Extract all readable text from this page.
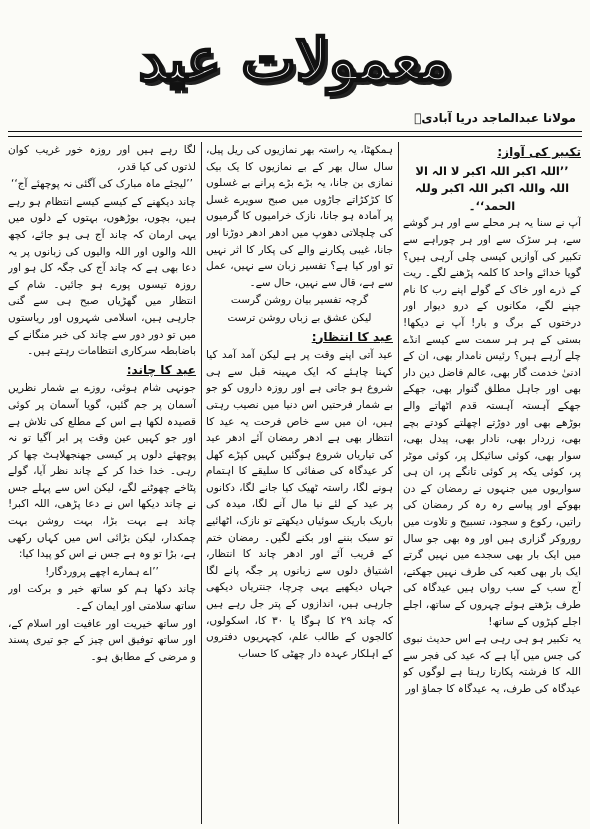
معمولات عید
مولانا عبدالماجد دریا آبادیؒ
تکبیر کی آواز:

’’اللہ اکبر اللہ اکبر لا الہ الا

اللہ واللہ اکبر اللہ اکبر وللہ

الحمد‘‘۔

آپ نے سنا یہ ہر محلے سے اور ہر گوشے سے، ہر سڑک سے اور ہر چوراہے سے تکبیر کی آوازیں کیسی چلی آرہی ہیں؟ گویا خدائے واحد کا کلمہ پڑھنے لگے۔ ریت کے ذرے اور خاک کے گولے اپنے رب کا نام جپنے لگے، مکانوں کے درو دیوار اور درختوں کے برگ و بار! آپ نے دیکھا! بستی کے ہر ہر سمت سے کیسے انڈے چلے آرہے ہیں؟ رئیس نامدار بھی، ان کے ادنیٰ خدمت گار بھی، عالم فاضل دین دار بھی اور جاہل مطلق گنوار بھی، جھکے جھکے آہستہ آہستہ قدم اٹھاتے والے بوڑھے بھی اور دوڑتے اچھلتے کودتے بچے بھی، زردار بھی، نادار بھی، پیدل بھی، سوار بھی، کوئی سائیکل پر، کوئی موٹر پر، کوئی یکہ پر کوئی تانگے پر، ان ہی سواریوں میں جنہوں نے رمضان کے دن بھوکے اور پیاسے رہ رہ کر رمضان کی راتیں، رکوع و سجود، تسبیح و تلاوت میں روروکر گزاری ہیں اور وہ بھی جو سال میں ایک بار بھی سجدے میں نہیں گرتے ایک بار بھی کعبہ کی طرف نہیں جھکتے، آج سب کے سب رواں ہیں عیدگاہ کی طرف بڑھتے ہوئے چہروں کے ساتھ، اجلے اجلے کپڑوں کے ساتھ!

یہ تکبیر ہو ہی رہی ہے اس حدیث نبوی کی جس میں آیا ہے کہ عید کی فجر سے اللہ کا فرشتہ پکارتا رہتا ہے لوگوں کو عیدگاہ کی طرف، یہ عیدگاہ کا جماؤ اور

ہمکھٹا، یہ راستہ بھر نمازیوں کی ریل پیل، سال سال بھر کے بے نمازیوں کا یک بیک نمازی بن جانا، یہ بڑے بڑے پرانے بے غسلوں کا کڑکڑاتے جاڑوں میں صبح سویرے غسل پر آمادہ ہو جانا، نازک خرامیوں کا گرمیوں کی چلچلاتی دھوپ میں ادھر ادھر دوڑنا اور جانا، غیبی پکارنے والے کی پکار کا اثر نہیں تو اور کیا ہے؟ تفسیر زبان سے نہیں، عمل سے ہے، قال سے نہیں، حال سے۔

گرچہ تفسیر بیان روشن گرست

لیکن عشق بے زباں روشن ترست

عید کا انتظار:

عید آتی اپنے وقت پر ہے لیکن آمد آمد کیا کہنا چاہئے کہ ایک مہینہ قبل سے ہی شروع ہو جاتی ہے اور روزہ داروں کو جو بے شمار فرحتیں اس دنیا میں نصیب رہتی ہیں، ان میں سے خاص فرحت یہ عید کا انتظار بھی ہے ادھر رمضان آئے ادھر عید کی تیاریاں شروع ہوگئیں کہیں کپڑے کھل کر عیدگاہ کی صفائی کا سلیقے کا اہتمام ہونے لگا، راستہ ٹھیک کیا جانے لگا، دکانوں پر عید کے لئے نیا مال آنے لگا، میدہ کی باریک باریک سوئیاں دیکھتے تو نازک، اٹھائیے تو سبک بننے اور بکنے لگیں۔ رمضان ختم کے قریب آئے اور ادھر چاند کا انتظار، اشتیاق دلوں سے زبانوں پر جگہ پانے لگا جہاں دیکھیے یہی چرچا، جنتریاں دیکھی جارہی ہیں، اندازوں کے پتر جل رہے ہیں کہ چاند ۲۹ کا ہوگا یا ۳۰ کا، اسکولوں، کالجوں کے طالب علم، کچہریوں دفتروں کے اہلکار عہدہ دار چھٹی کا حساب

لگا رہے ہیں اور روزہ خور غریب کوان لذتوں کی کیا قدر،

’’لیجئے ماہ مبارک کی آگئی نہ پوچھئے آج‘‘

چاند دیکھنے کے کیسے کیسے انتظام ہو رہے ہیں، بچوں، بوڑھوں، بہتوں کے دلوں میں یہی ارمان کہ چاند آج ہی ہو جائے، کچھ اللہ والوں اور اللہ والیوں کی زبانوں پر یہ دعا بھی ہے کہ چاند آج کی جگہ کل ہو اور روزہ تیسوں پورے ہو جائیں۔ شام کے انتظار میں گھڑیاں صبح ہی سے گنی جارہی ہیں، اسلامی شہروں اور ریاستوں میں تو دور دور سے چاند کی خبر منگانے کے باضابطہ سرکاری انتظامات رہتے ہیں۔

عید کا چاند:

جونہی شام ہوئی، روزے بے شمار نظریں آسمان پر جم گئیں، گویا آسمان پر کوئی قصیدہ لکھا ہے اس کے مطلع کی تلاش ہے اور جو کہیں عین وقت پر ابر آگیا تو نہ پوچھئے دلوں پر کیسی جھنجھلاہٹ چھا کر رہی۔ خدا خدا کر کے چاند نظر آیا، گولے پٹاخے چھوٹنے لگے، لیکن اس سے پہلے جس نے چاند دیکھا اس نے دعا پڑھی، اللہ اکبر! چاند ہے بہت بڑا، بہت روشن بہت چمکدار، لیکن بڑائی اس میں کہاں رکھی ہے، بڑا تو وہ ہے جس نے اس کو پیدا کیا:

’’اے ہمارے اچھے پروردگار!

چاند دکھا ہم کو ساتھ خیر و برکت اور ساتھ سلامتی اور ایمان کے۔

اور ساتھ خیریت اور عافیت اور اسلام کے، اور ساتھ توفیق اس چیز کے جو تیری پسند و مرضی کے مطابق ہو۔
